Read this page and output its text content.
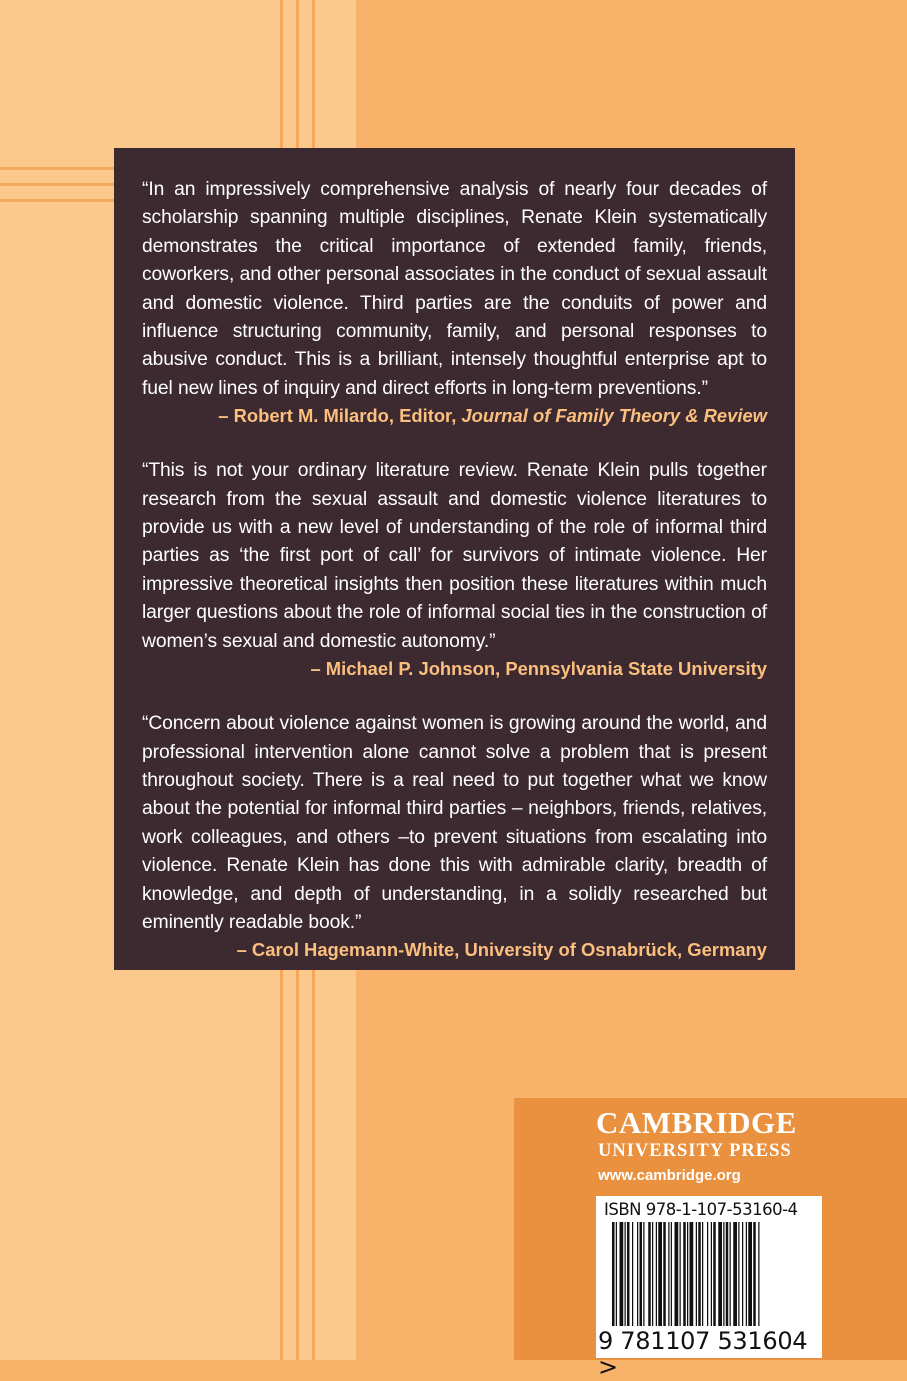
“In an impressively comprehensive analysis of nearly four decades of scholarship spanning multiple disciplines, Renate Klein systematically demonstrates the critical importance of extended family, friends, coworkers, and other personal associates in the conduct of sexual assault and domestic violence. Third parties are the conduits of power and influence structuring community, family, and personal responses to abusive conduct. This is a brilliant, intensely thoughtful enterprise apt to fuel new lines of inquiry and direct efforts in long-term preventions.”

– Robert M. Milardo, Editor, Journal of Family Theory & Review

“This is not your ordinary literature review. Renate Klein pulls together research from the sexual assault and domestic violence literatures to provide us with a new level of understanding of the role of informal third parties as ‘the first port of call’ for survivors of intimate violence. Her impressive theoretical insights then position these literatures within much larger questions about the role of informal social ties in the construction of women’s sexual and domestic autonomy.”

– Michael P. Johnson, Pennsylvania State University

“Concern about violence against women is growing around the world, and professional intervention alone cannot solve a problem that is present throughout society. There is a real need to put together what we know about the potential for informal third parties – neighbors, friends, relatives, work colleagues, and others –to prevent situations from escalating into violence. Renate Klein has done this with admirable clarity, breadth of knowledge, and depth of understanding, in a solidly researched but eminently readable book.”

– Carol Hagemann-White, University of Osnabrück, Germany

CAMBRIDGE

UNIVERSITY PRESS

www.cambridge.org

ISBN 978-1-107-53160-4
9 781107 531604 >
